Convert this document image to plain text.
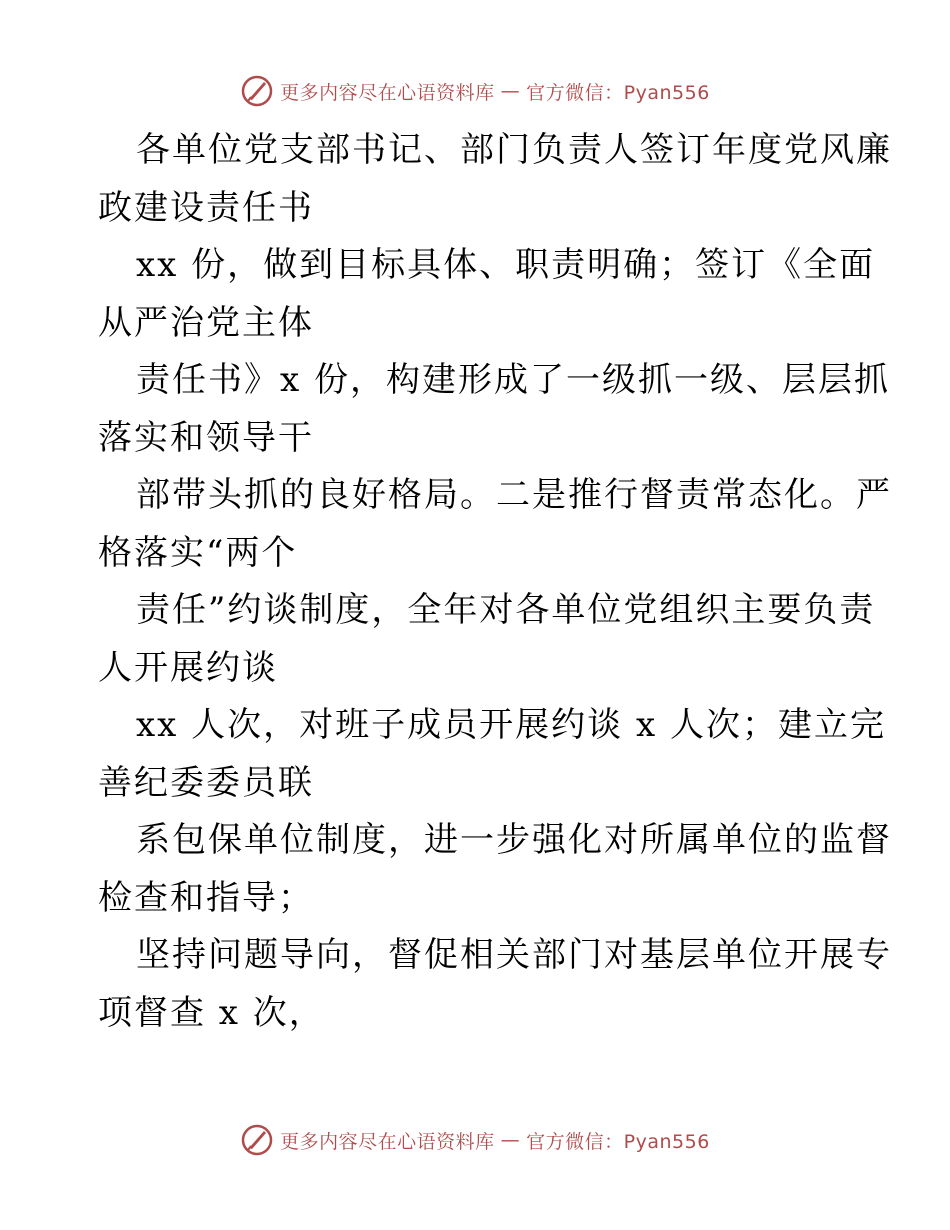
更多内容尽在心语资料库 — 官方微信：Pyan556
各单位党支部书记、部门负责人签订年度党风廉
政建设责任书
xx 份，做到目标具体、职责明确；签订《全面
从严治党主体
责任书》x 份，构建形成了一级抓一级、层层抓
落实和领导干
部带头抓的良好格局。二是推行督责常态化。严
格落实“两个
责任”约谈制度，全年对各单位党组织主要负责
人开展约谈
xx 人次，对班子成员开展约谈 x 人次；建立完
善纪委委员联
系包保单位制度，进一步强化对所属单位的监督
检查和指导；
坚持问题导向，督促相关部门对基层单位开展专
项督查 x 次，
更多内容尽在心语资料库 — 官方微信：Pyan556
